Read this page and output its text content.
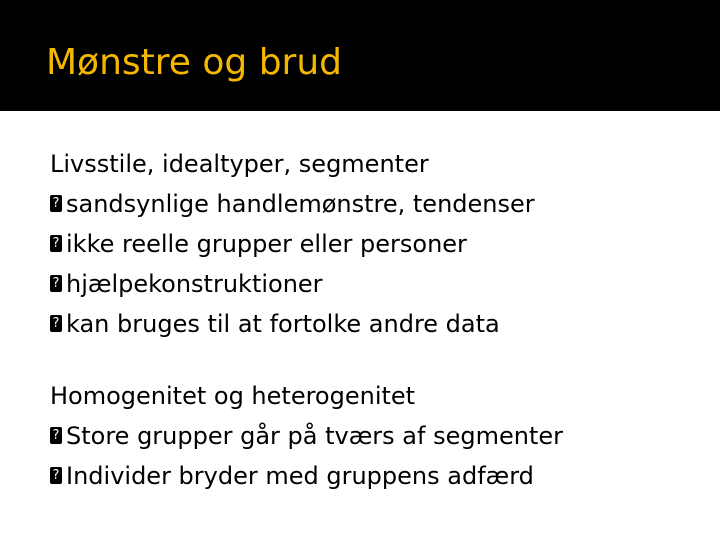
Mønstre og brud
Livsstile, idealtyper, segmenter
? sandsynlige handlemønstre, tendenser
? ikke reelle grupper eller personer
? hjælpekonstruktioner
? kan bruges til at fortolke andre data
Homogenitet og heterogenitet
? Store grupper går på tværs af segmenter
? Individer bryder med gruppens adfærd
